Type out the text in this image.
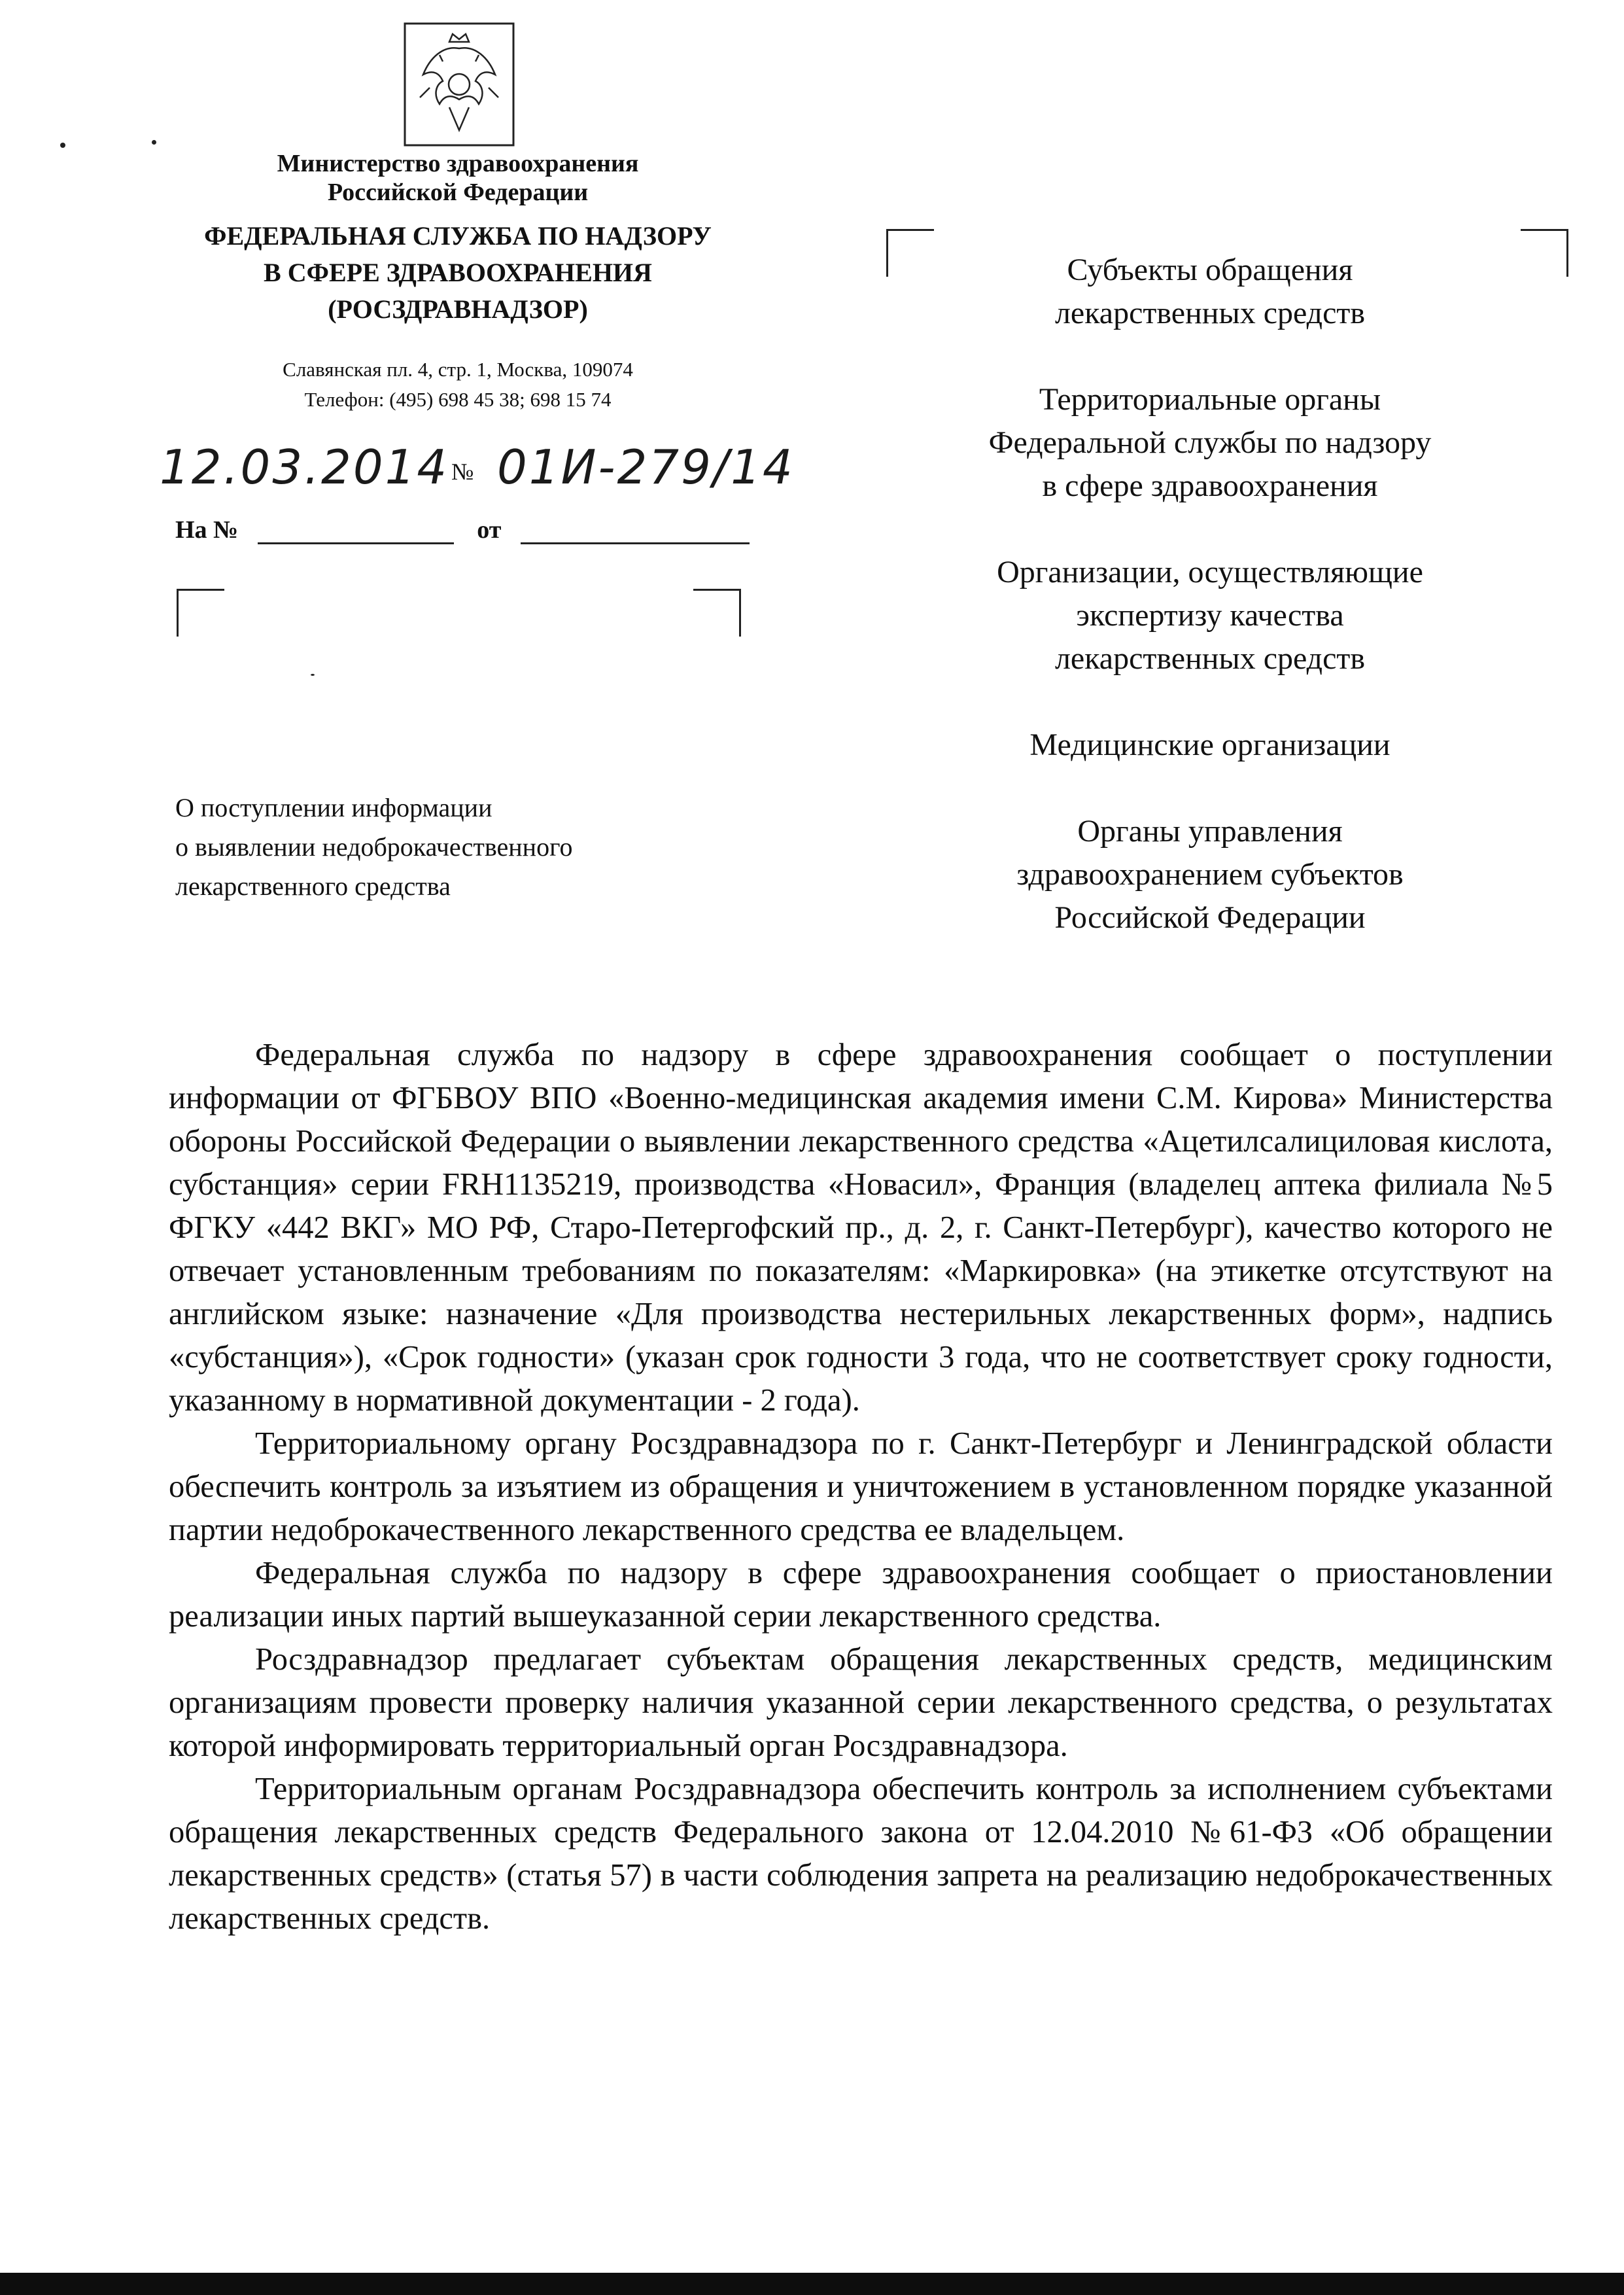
Министерство здравоохранения
Российской Федерации
ФЕДЕРАЛЬНАЯ СЛУЖБА ПО НАДЗОРУ
В СФЕРЕ ЗДРАВООХРАНЕНИЯ
(РОСЗДРАВНАДЗОР)
Славянская пл. 4, стр. 1, Москва, 109074
Телефон: (495) 698 45 38; 698 15 74
12.03.2014 № 01И-279/14
На №	от
О поступлении информации
о выявлении недоброкачественного
лекарственного средства
Субъекты обращения
лекарственных средств
Территориальные органы
Федеральной службы по надзору
в сфере здравоохранения
Организации, осуществляющие
экспертизу качества
лекарственных средств
Медицинские организации
Органы управления
здравоохранением субъектов
Российской Федерации

Федеральная служба по надзору в сфере здравоохранения сообщает о поступлении информации от ФГБВОУ ВПО «Военно-медицинская академия имени С.М. Кирова» Министерства обороны Российской Федерации о выявлении лекарственного средства «Ацетилсалициловая кислота, субстанция» серии FRH1135219, производства «Новасил», Франция (владелец аптека филиала №5 ФГКУ «442 ВКГ» МО РФ, Старо-Петергофский пр., д. 2, г. Санкт-Петербург), качество которого не отвечает установленным требованиям по показателям: «Маркировка» (на этикетке отсутствуют на английском языке: назначение «Для производства нестерильных лекарственных форм», надпись «субстанция»), «Срок годности» (указан срок годности 3 года, что не соответствует сроку годности, указанному в нормативной документации - 2 года).

Территориальному органу Росздравнадзора по г. Санкт-Петербург и Ленинградской области обеспечить контроль за изъятием из обращения и уничтожением в установленном порядке указанной партии недоброкачественного лекарственного средства ее владельцем.

Федеральная служба по надзору в сфере здравоохранения сообщает о приостановлении реализации иных партий вышеуказанной серии лекарственного средства.

Росздравнадзор предлагает субъектам обращения лекарственных средств, медицинским организациям провести проверку наличия указанной серии лекарственного средства, о результатах которой информировать территориальный орган Росздравнадзора.

Территориальным органам Росздравнадзора обеспечить контроль за исполнением субъектами обращения лекарственных средств Федерального закона от 12.04.2010 №61-ФЗ «Об обращении лекарственных средств» (статья 57) в части соблюдения запрета на реализацию недоброкачественных лекарственных средств.
